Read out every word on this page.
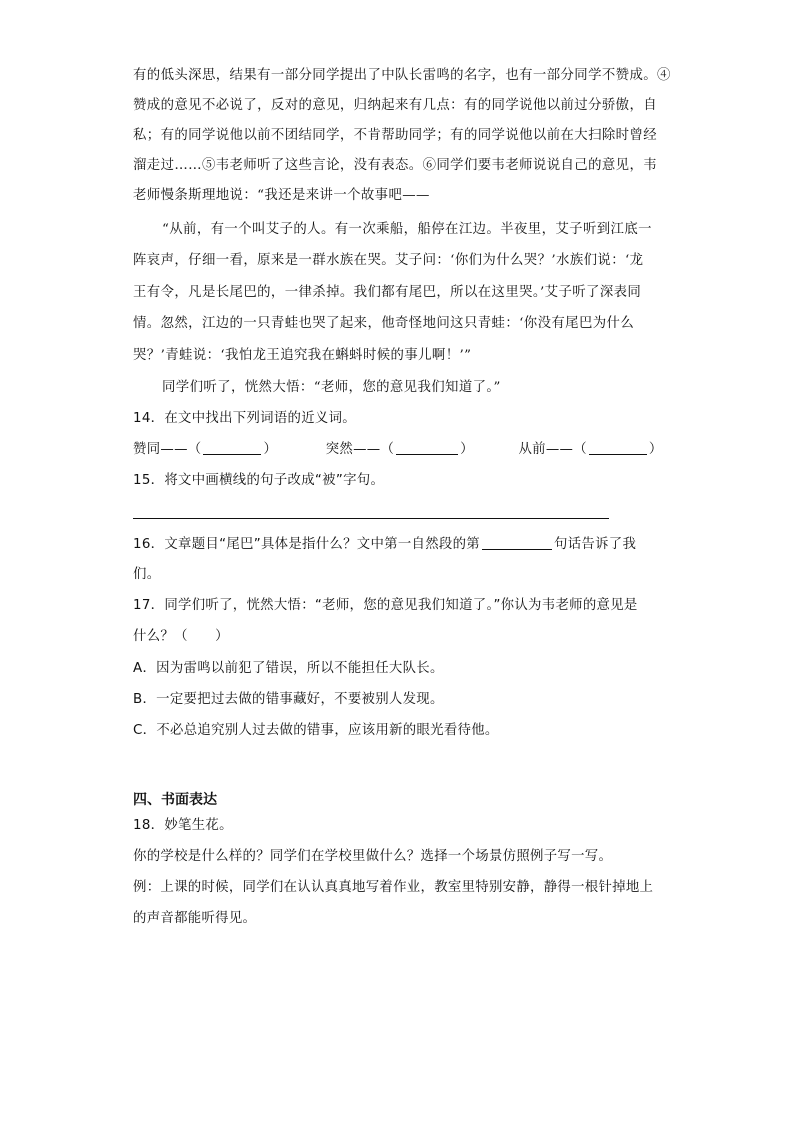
有的低头深思，结果有一部分同学提出了中队长雷鸣的名字，也有一部分同学不赞成。④
赞成的意见不必说了，反对的意见，归纳起来有几点：有的同学说他以前过分骄傲，自
私；有的同学说他以前不团结同学，不肯帮助同学；有的同学说他以前在大扫除时曾经
溜走过……⑤韦老师听了这些言论，没有表态。⑥同学们要韦老师说说自己的意见，韦
老师慢条斯理地说：“我还是来讲一个故事吧——
“从前，有一个叫艾子的人。有一次乘船，船停在江边。半夜里，艾子听到江底一
阵哀声，仔细一看，原来是一群水族在哭。艾子问：‘你们为什么哭？’水族们说：‘龙
王有令，凡是长尾巴的，一律杀掉。我们都有尾巴，所以在这里哭。’艾子听了深表同
情。忽然，江边的一只青蛙也哭了起来，他奇怪地问这只青蛙：‘你没有尾巴为什么
哭？’青蛙说：‘我怕龙王追究我在蝌蚪时候的事儿啊！’”
同学们听了，恍然大悟：“老师，您的意见我们知道了。”
14．在文中找出下列词语的近义词。
赞同——（	）	突然——（	）	从前——（	）
15．将文中画横线的句子改成“被”字句。
16．文章题目“尾巴”具体是指什么？文中第一自然段的第	句话告诉了我
们。
17．同学们听了，恍然大悟：“老师，您的意见我们知道了。”你认为韦老师的意见是
什么？（　　）
A．因为雷鸣以前犯了错误，所以不能担任大队长。
B．一定要把过去做的错事藏好，不要被别人发现。
C．不必总追究别人过去做的错事，应该用新的眼光看待他。
四、书面表达
18．妙笔生花。
你的学校是什么样的？同学们在学校里做什么？选择一个场景仿照例子写一写。
例：上课的时候，同学们在认认真真地写着作业，教室里特别安静，静得一根针掉地上
的声音都能听得见。
